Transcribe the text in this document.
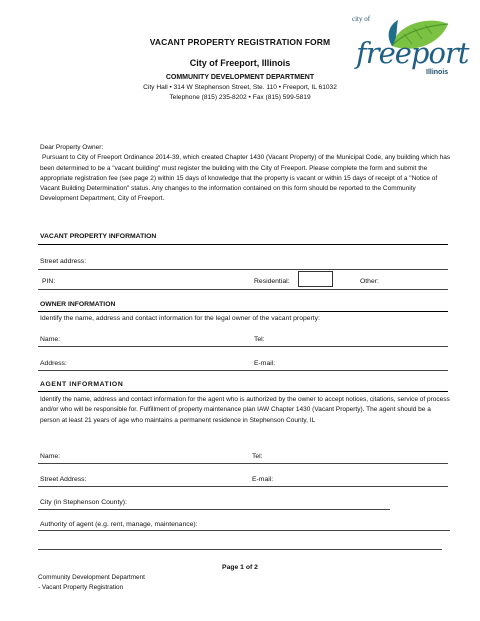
VACANT PROPERTY REGISTRATION FORM
City of Freeport, Illinois
COMMUNITY DEVELOPMENT DEPARTMENT
City Hall • 314 W Stephenson Street, Ste. 110 • Freeport, IL 61032
Telephone (815) 235-8202 • Fax (815) 599-5819
city of
freeport
Illinois

Dear Property Owner:

Pursuant to City of Freeport Ordinance 2014-39, which created Chapter 1430 (Vacant Property) of the Municipal Code, any building which has been determined to be a "vacant building" must register the building with the City of Freeport. Please complete the form and submit the appropriate registration fee (see page 2) within 15 days of knowledge that the property is vacant or within 15 days of receipt of a "Notice of Vacant Building Determination" status. Any changes to the information contained on this form should be reported to the Community Development Department, City of Freeport.

VACANT PROPERTY INFORMATION
Street address:
PIN:	Residential:	Other:
OWNER INFORMATION
Identify the name, address and contact information for the legal owner of the vacant property:
Name:	Tel:
Address:	E-mail:
AGENT INFORMATION
Identify the name, address and contact information for the agent who is authorized by the owner to accept notices, citations, service of process and/or who will be responsible for. Fulfillment of property maintenance plan IAW Chapter 1430 (Vacant Property). The agent should be a person at least 21 years of age who maintains a permanent residence in Stephenson County, IL
Name:	Tel:
Street Address:	E-mail:
City (in Stephenson County):
Authority of agent (e.g. rent, manage, maintenance):
Page 1 of 2
Community Development Department
- Vacant Property Registration
